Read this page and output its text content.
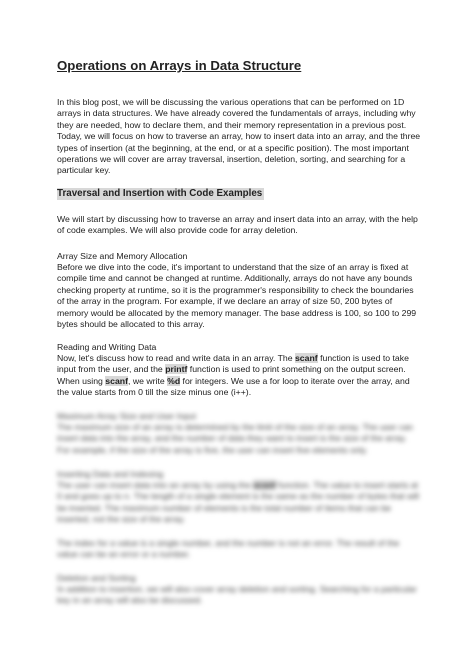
Operations on Arrays in Data Structure

In this blog post, we will be discussing the various operations that can be performed on 1D arrays in data structures. We have already covered the fundamentals of arrays, including why they are needed, how to declare them, and their memory representation in a previous post. Today, we will focus on how to traverse an array, how to insert data into an array, and the three types of insertion (at the beginning, at the end, or at a specific position). The most important operations we will cover are array traversal, insertion, deletion, sorting, and searching for a particular key.

Traversal and Insertion with Code Examples

We will start by discussing how to traverse an array and insert data into an array, with the help of code examples. We will also provide code for array deletion.

Array Size and Memory Allocation

Before we dive into the code, it's important to understand that the size of an array is fixed at compile time and cannot be changed at runtime. Additionally, arrays do not have any bounds checking property at runtime, so it is the programmer's responsibility to check the boundaries of the array in the program. For example, if we declare an array of size 50, 200 bytes of memory would be allocated by the memory manager. The base address is 100, so 100 to 299 bytes should be allocated to this array.

Reading and Writing Data

Now, let's discuss how to read and write data in an array. The scanf function is used to take input from the user, and the printf function is used to print something on the output screen. When using scanf, we write %d for integers. We use a for loop to iterate over the array, and the value starts from 0 till the size minus one (i++).

Maximum Array Size and User Input

The maximum size of an array is determined by the limit of the size of an array. The user can insert data into the array, and the number of data they want to insert is the size of the array. For example, if the size of the array is five, the user can insert five elements only.

Inserting Data and Indexing

The user can insert data into an array by using the scanf function. The value to insert starts at 0 and goes up to n. The length of a single element is the same as the number of bytes that will be inserted. The maximum number of elements is the total number of items that can be inserted, not the size of the array.

The index for a value is a single number, and the number is not an error. The result of the value can be an error or a number.

Deletion and Sorting

In addition to insertion, we will also cover array deletion and sorting. Searching for a particular key in an array will also be discussed.
